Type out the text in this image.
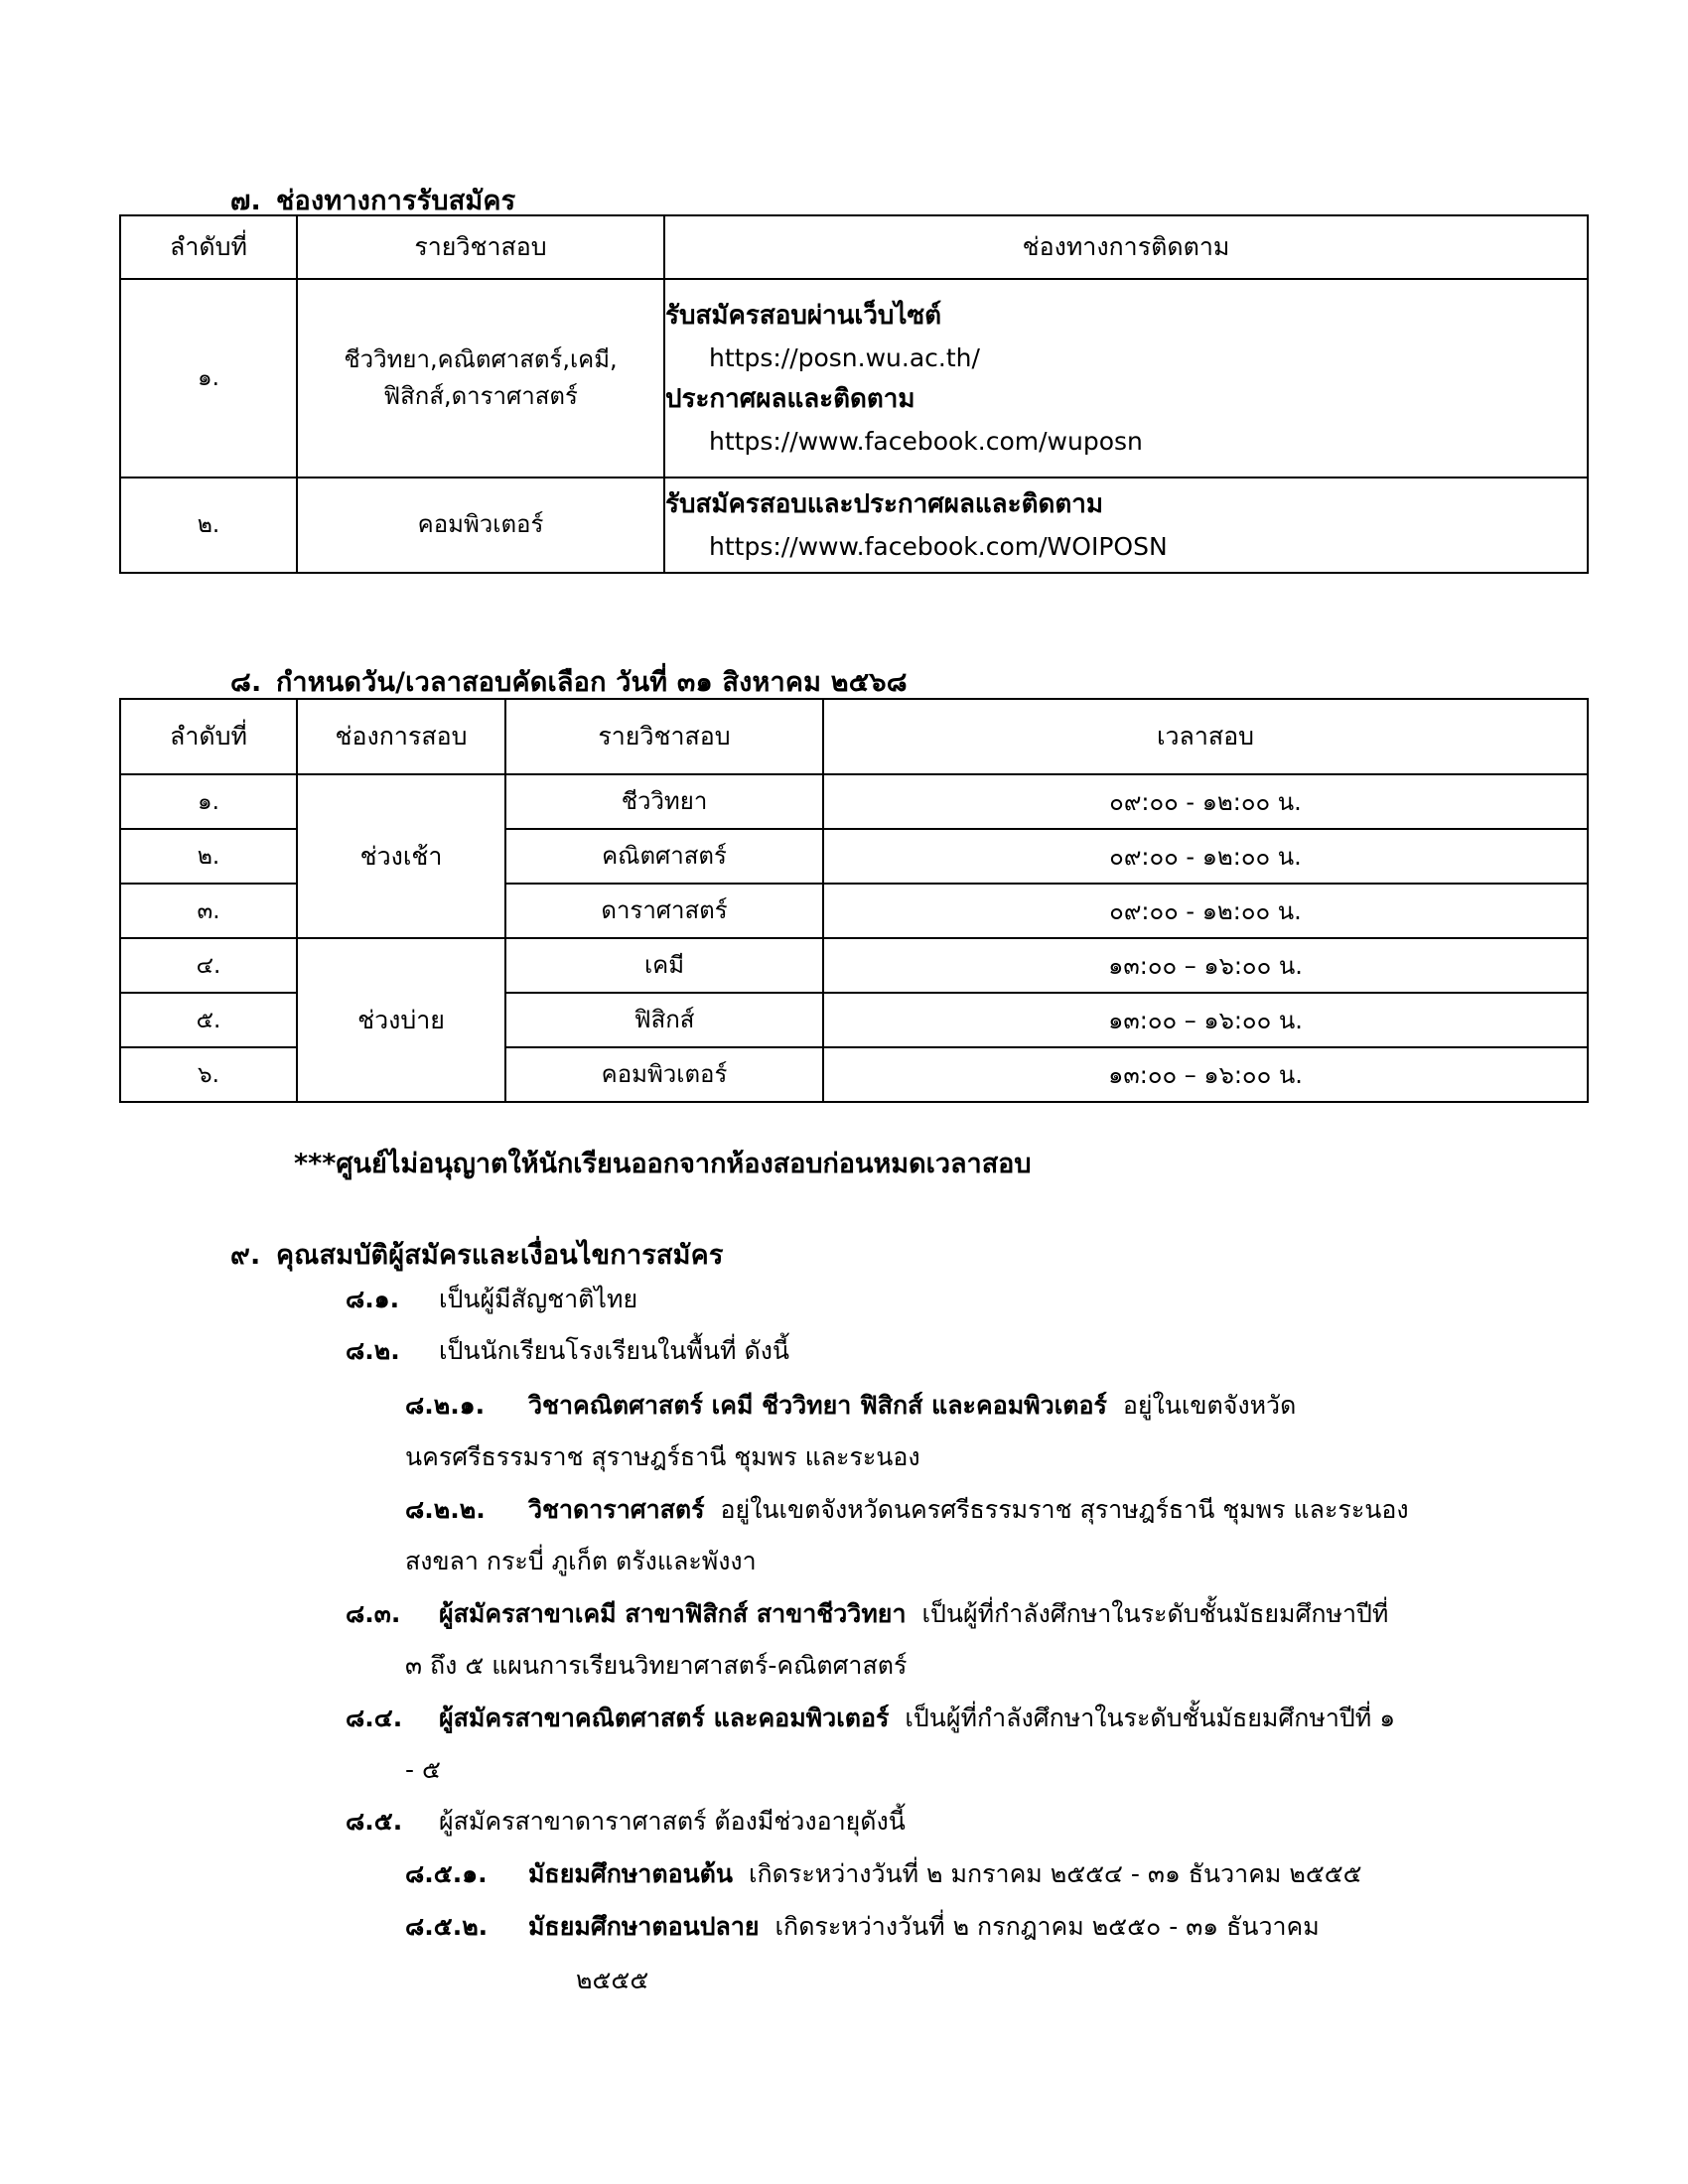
๗. ช่องทางการรับสมัคร
ลำดับที่	รายวิชาสอบ	ช่องทางการติดตาม
๑.	ชีววิทยา,คณิตศาสตร์,เคมี,
ฟิสิกส์,ดาราศาสตร์	รับสมัครสอบผ่านเว็บไซต์
https://posn.wu.ac.th/
ประกาศผลและติดตาม
https://www.facebook.com/wuposn

๒.	คอมพิวเตอร์	รับสมัครสอบและประกาศผลและติดตาม
https://www.facebook.com/WOIPOSN
๘. กำหนดวัน/เวลาสอบคัดเลือก วันที่ ๓๑ สิงหาคม ๒๕๖๘
ลำดับที่	ช่องการสอบ	รายวิชาสอบ	เวลาสอบ
๑.	ช่วงเช้า	ชีววิทยา	๐๙:๐๐ - ๑๒:๐๐ น.
๒.		คณิตศาสตร์	๐๙:๐๐ - ๑๒:๐๐ น.
๓.		ดาราศาสตร์	๐๙:๐๐ - ๑๒:๐๐ น.
๔.	ช่วงบ่าย	เคมี	๑๓:๐๐ – ๑๖:๐๐ น.
๕.		ฟิสิกส์	๑๓:๐๐ – ๑๖:๐๐ น.
๖.		คอมพิวเตอร์	๑๓:๐๐ – ๑๖:๐๐ น.
***ศูนย์ไม่อนุญาตให้นักเรียนออกจากห้องสอบก่อนหมดเวลาสอบ
๙. คุณสมบัติผู้สมัครและเงื่อนไขการสมัคร
๘.๑. เป็นผู้มีสัญชาติไทย
๘.๒. เป็นนักเรียนโรงเรียนในพื้นที่ ดังนี้
๘.๒.๑. วิชาคณิตศาสตร์ เคมี ชีววิทยา ฟิสิกส์ และคอมพิวเตอร์ อยู่ในเขตจังหวัด
นครศรีธรรมราช สุราษฎร์ธานี ชุมพร และระนอง
๘.๒.๒. วิชาดาราศาสตร์ อยู่ในเขตจังหวัดนครศรีธรรมราช สุราษฎร์ธานี ชุมพร และระนอง
สงขลา กระบี่ ภูเก็ต ตรังและพังงา
๘.๓. ผู้สมัครสาขาเคมี สาขาฟิสิกส์ สาขาชีววิทยา เป็นผู้ที่กำลังศึกษาในระดับชั้นมัธยมศึกษาปีที่
๓ ถึง ๕ แผนการเรียนวิทยาศาสตร์-คณิตศาสตร์
๘.๔. ผู้สมัครสาขาคณิตศาสตร์ และคอมพิวเตอร์ เป็นผู้ที่กำลังศึกษาในระดับชั้นมัธยมศึกษาปีที่ ๑
- ๕
๘.๕. ผู้สมัครสาขาดาราศาสตร์ ต้องมีช่วงอายุดังนี้
๘.๕.๑. มัธยมศึกษาตอนต้น เกิดระหว่างวันที่ ๒ มกราคม ๒๕๕๔ - ๓๑ ธันวาคม ๒๕๕๕
๘.๕.๒. มัธยมศึกษาตอนปลาย เกิดระหว่างวันที่ ๒ กรกฎาคม ๒๕๕๐ - ๓๑ ธันวาคม
๒๕๕๕
